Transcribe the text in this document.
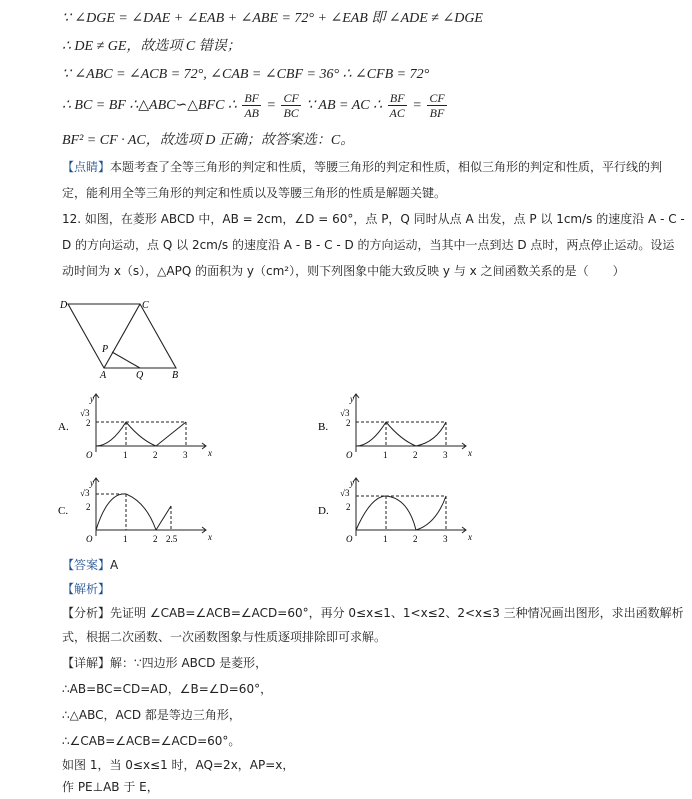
∵ ∠DGE = ∠DAE + ∠EAB + ∠ABE = 72° + ∠EAB 即 ∠ADE ≠ ∠DGE
∴ DE ≠ GE，故选项 C 错误；
∵ ∠ABC = ∠ACB = 72°, ∠CAB = ∠CBF = 36° ∴ ∠CFB = 72°
∴ BC = BF ∴△ABC∽△BFC ∴ $\frac{BF}{AB} = \frac{CF}{BC}$ ∵ AB = AC ∴ $\frac{BF}{AC} = \frac{CF}{BF}$
BF² = CF · AC，故选项 D 正确；故答案选：C。
【点睛】本题考查了全等三角形的判定和性质，等腰三角形的判定和性质，相似三角形的判定和性质，平行线的判
定，能利用全等三角形的判定和性质以及等腰三角形的性质是解题关键。
12. 如图，在菱形 ABCD 中，AB = 2cm，∠D = 60°，点 P，Q 同时从点 A 出发，点 P 以 1cm/s 的速度沿 A - C -
D 的方向运动，点 Q 以 2cm/s 的速度沿 A - B - C - D 的方向运动，当其中一点到达 D 点时，两点停止运动。设运
动时间为 x（s），△APQ 的面积为 y（cm²），则下列图象中能大致反映 y 与 x 之间函数关系的是（　　）
D	C
P
A	Q	B
A.
y
x
O
√3
2
1	2	3
B.
y
x
O
√3
2
1	2	3
C.
y
x
O
√3
2
1	2 2.5
D.
y
x
O
√3
2
1	2	3
【答案】A
【解析】
【分析】先证明 ∠CAB=∠ACB=∠ACD=60°，再分 0≤x≤1、1<x≤2、2<x≤3 三种情况画出图形，求出函数解析
式，根据二次函数、一次函数图象与性质逐项排除即可求解。
【详解】解：∵四边形 ABCD 是菱形，
∴AB=BC=CD=AD，∠B=∠D=60°，
∴△ABC，ACD 都是等边三角形，
∴∠CAB=∠ACB=∠ACD=60°。
如图 1，当 0≤x≤1 时，AQ=2x，AP=x，
作 PE⊥AB 于 E，
